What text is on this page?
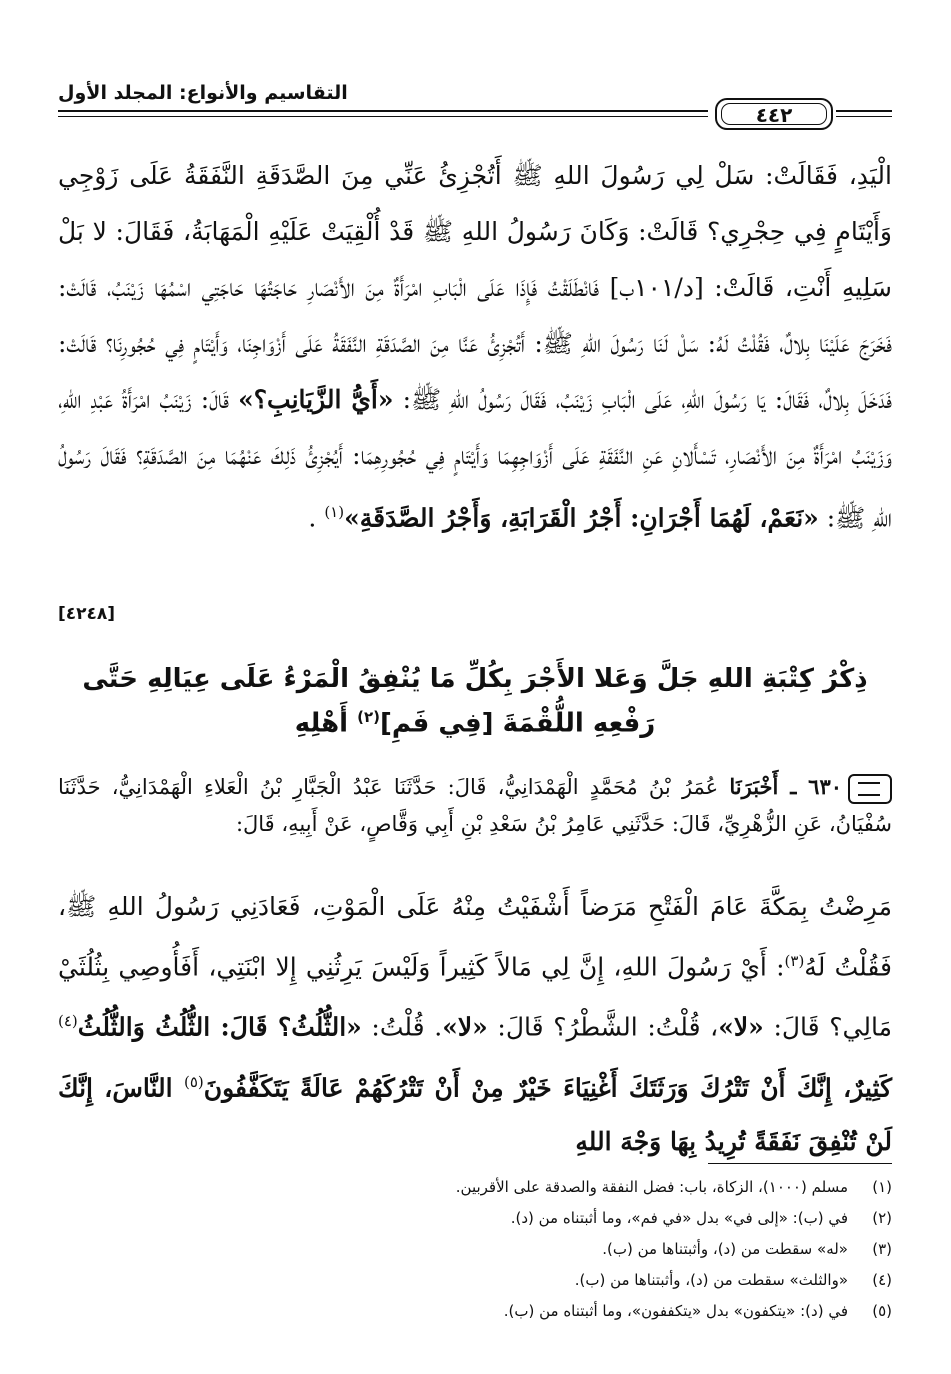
التقاسيم والأنواع: المجلد الأول
٤٤٢
الْيَدِ، فَقَالَتْ: سَلْ لِي رَسُولَ اللهِ ﷺ أَتُجْزِئُ عَنِّي مِنَ الصَّدَقَةِ النَّفَقَةُ عَلَى زَوْجِي وَأَيْتَامٍ فِي حِجْرِي؟ قَالَتْ: وَكَانَ رَسُولُ اللهِ ﷺ قَدْ أُلْقِيَتْ عَلَيْهِ الْمَهَابَةُ، فَقَالَ: لا بَلْ سَلِيهِ أَنْتِ، قَالَتْ: [د/١٠١ب] فَانْطَلَقْتُ فَإِذَا عَلَى الْبَابِ امْرَأَةٌ مِنَ الأَنْصَارِ حَاجَتُهَا حَاجَتِي اسْمُهَا زَيْنَبُ، قَالَتْ: فَخَرَجَ عَلَيْنَا بِلالٌ، فَقُلْتُ لَهُ: سَلْ لَنَا رَسُولَ اللهِ ﷺ: أَتُجْزِئُ عَنَّا مِنَ الصَّدَقَةِ النَّفَقَةُ عَلَى أَزْوَاجِنَا، وَأَيْتَامٍ فِي حُجُورِنَا؟ قَالَتْ: فَدَخَلَ بِلالٌ، فَقَالَ: يَا رَسُولَ اللهِ، عَلَى الْبَابِ زَيْنَبُ، فَقَالَ رَسُولُ اللهِ ﷺ: «أَيُّ الزَّيَانِبِ؟» قَالَ: زَيْنَبُ امْرَأَةُ عَبْدِ اللهِ، وَزَيْنَبُ امْرَأَةٌ مِنَ الأَنْصَارِ، تَسْأَلانِ عَنِ النَّفَقَةِ عَلَى أَزْوَاجِهِمَا وَأَيْتَامٍ فِي حُجُورِهِمَا: أَيُجْزِئُ ذَلِكَ عَنْهُمَا مِنَ الصَّدَقَةِ؟ فَقَالَ رَسُولُ اللهِ ﷺ: «نَعَمْ، لَهُمَا أَجْرَانِ: أَجْرُ الْقَرَابَةِ، وَأَجْرُ الصَّدَقَةِ»$^{(١)}$ .
[٤٢٤٨]
ذِكْرُ كِتْبَةِ اللهِ جَلَّ وَعَلا الأَجْرَ بِكُلِّ مَا يُنْفِقُ الْمَرْءُ عَلَى عِيَالِهِ حَتَّى رَفْعِهِ اللُّقْمَةَ [فِي فَمِ]$^{(٢)}$ أَهْلِهِ
٦٣٠ ـ أَخْبَرَنَا عُمَرُ بْنُ مُحَمَّدٍ الْهَمْدَانِيُّ، قَالَ: حَدَّثَنَا عَبْدُ الْجَبَّارِ بْنُ الْعَلاءِ الْهَمْدَانِيُّ، حَدَّثَنَا سُفْيَانُ، عَنِ الزُّهْرِيِّ، قَالَ: حَدَّثَنِي عَامِرُ بْنُ سَعْدِ بْنِ أَبِي وَقَّاصٍ، عَنْ أَبِيهِ، قَالَ:
مَرِضْتُ بِمَكَّةَ عَامَ الْفَتْحِ مَرَضاً أَشْفَيْتُ مِنْهُ عَلَى الْمَوْتِ، فَعَادَنِي رَسُولُ اللهِ ﷺ، فَقُلْتُ لَهُ$^{(٣)}$: أَيْ رَسُولَ اللهِ، إِنَّ لِي مَالاً كَثِيراً وَلَيْسَ يَرِثُنِي إِلا ابْنَتِي، أَفَأُوصِي بِثُلُثَيْ مَالِي؟ قَالَ: «لا»، قُلْتُ: الشَّطْرُ؟ قَالَ: «لا». قُلْتُ: «الثُّلُثُ؟ قَالَ: الثُّلُثُ وَالثُّلُثُ$^{(٤)}$ كَثِيرٌ، إِنَّكَ أَنْ تَتْرُكَ وَرَثَتَكَ أَغْنِيَاءَ خَيْرٌ مِنْ أَنْ تَتْرُكَهُمْ عَالَةً يَتَكَفَّفُونَ$^{(٥)}$ النَّاسَ، إِنَّكَ لَنْ تُنْفِقَ نَفَقَةً تُرِيدُ بِهَا وَجْهَ اللهِ
(١)
مسلم (١٠٠٠)، الزكاة، باب: فضل النفقة والصدقة على الأقربين.
(٢)
في (ب): «إلى في» بدل «في فم»، وما أثبتناه من (د).
(٣)
«له» سقطت من (د)، وأثبتناها من (ب).
(٤)
«والثلث» سقطت من (د)، وأثبتناها من (ب).
(٥)
في (د): «يتكفون» بدل «يتكففون»، وما أثبتناه من (ب).
